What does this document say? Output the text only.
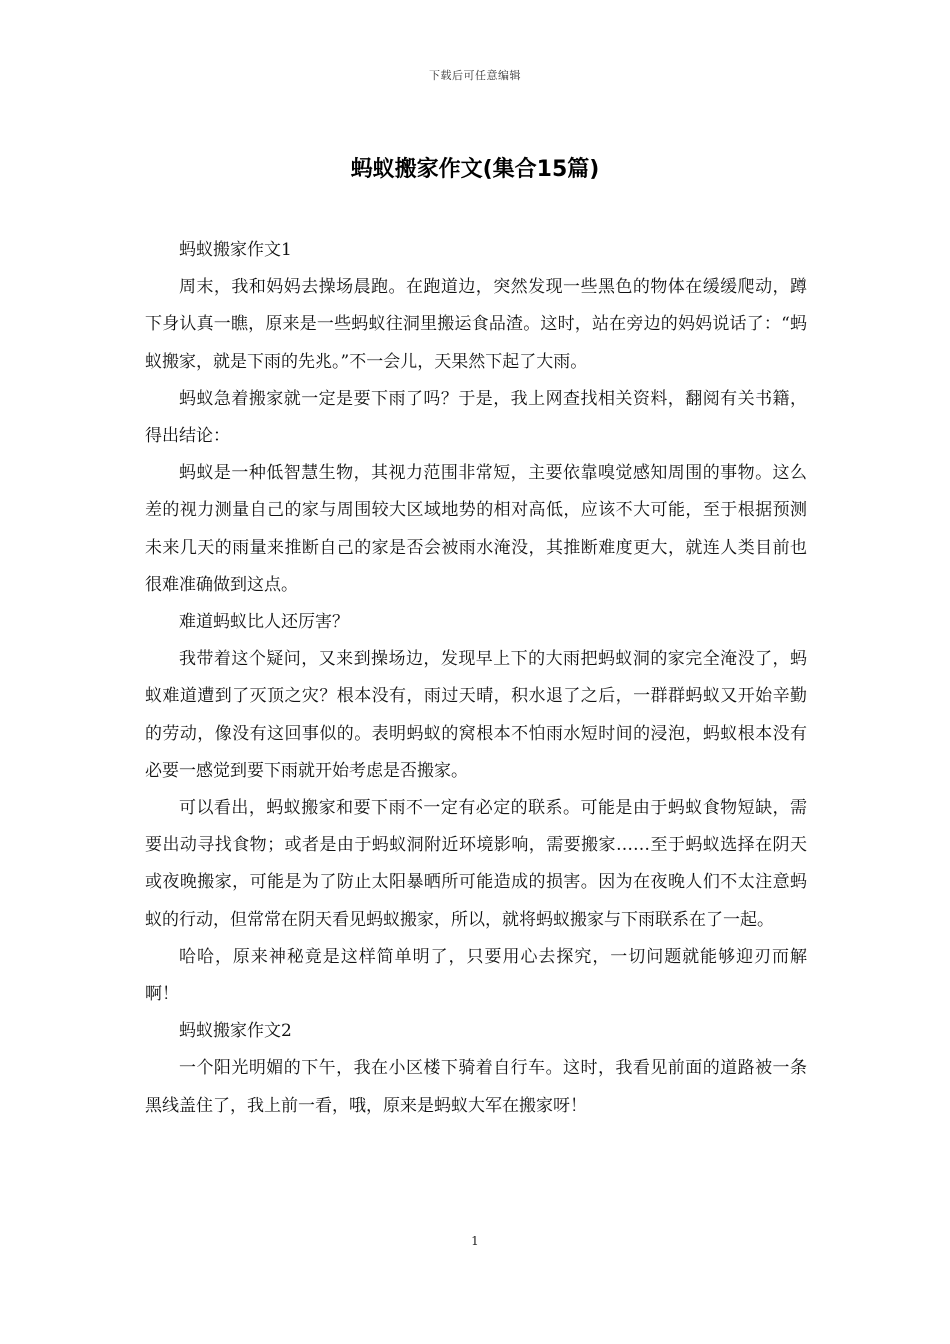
下载后可任意编辑
蚂蚁搬家作文(集合15篇)

蚂蚁搬家作文1

周末，我和妈妈去操场晨跑。在跑道边，突然发现一些黑色的物体在缓缓爬动，蹲下身认真一瞧，原来是一些蚂蚁往洞里搬运食品渣。这时，站在旁边的妈妈说话了：“蚂蚁搬家，就是下雨的先兆。”不一会儿，天果然下起了大雨。

蚂蚁急着搬家就一定是要下雨了吗？于是，我上网查找相关资料，翻阅有关书籍，得出结论：

蚂蚁是一种低智慧生物，其视力范围非常短，主要依靠嗅觉感知周围的事物。这么差的视力测量自己的家与周围较大区域地势的相对高低，应该不大可能，至于根据预测未来几天的雨量来推断自己的家是否会被雨水淹没，其推断难度更大，就连人类目前也很难准确做到这点。

难道蚂蚁比人还厉害？

我带着这个疑问，又来到操场边，发现早上下的大雨把蚂蚁洞的家完全淹没了，蚂蚁难道遭到了灭顶之灾？根本没有，雨过天晴，积水退了之后，一群群蚂蚁又开始辛勤的劳动，像没有这回事似的。表明蚂蚁的窝根本不怕雨水短时间的浸泡，蚂蚁根本没有必要一感觉到要下雨就开始考虑是否搬家。

可以看出，蚂蚁搬家和要下雨不一定有必定的联系。可能是由于蚂蚁食物短缺，需要出动寻找食物；或者是由于蚂蚁洞附近环境影响，需要搬家……至于蚂蚁选择在阴天或夜晚搬家，可能是为了防止太阳暴晒所可能造成的损害。因为在夜晚人们不太注意蚂蚁的行动，但常常在阴天看见蚂蚁搬家，所以，就将蚂蚁搬家与下雨联系在了一起。

哈哈，原来神秘竟是这样简单明了，只要用心去探究，一切问题就能够迎刃而解啊！

蚂蚁搬家作文2

一个阳光明媚的下午，我在小区楼下骑着自行车。这时，我看见前面的道路被一条黑线盖住了，我上前一看，哦，原来是蚂蚁大军在搬家呀！

1
